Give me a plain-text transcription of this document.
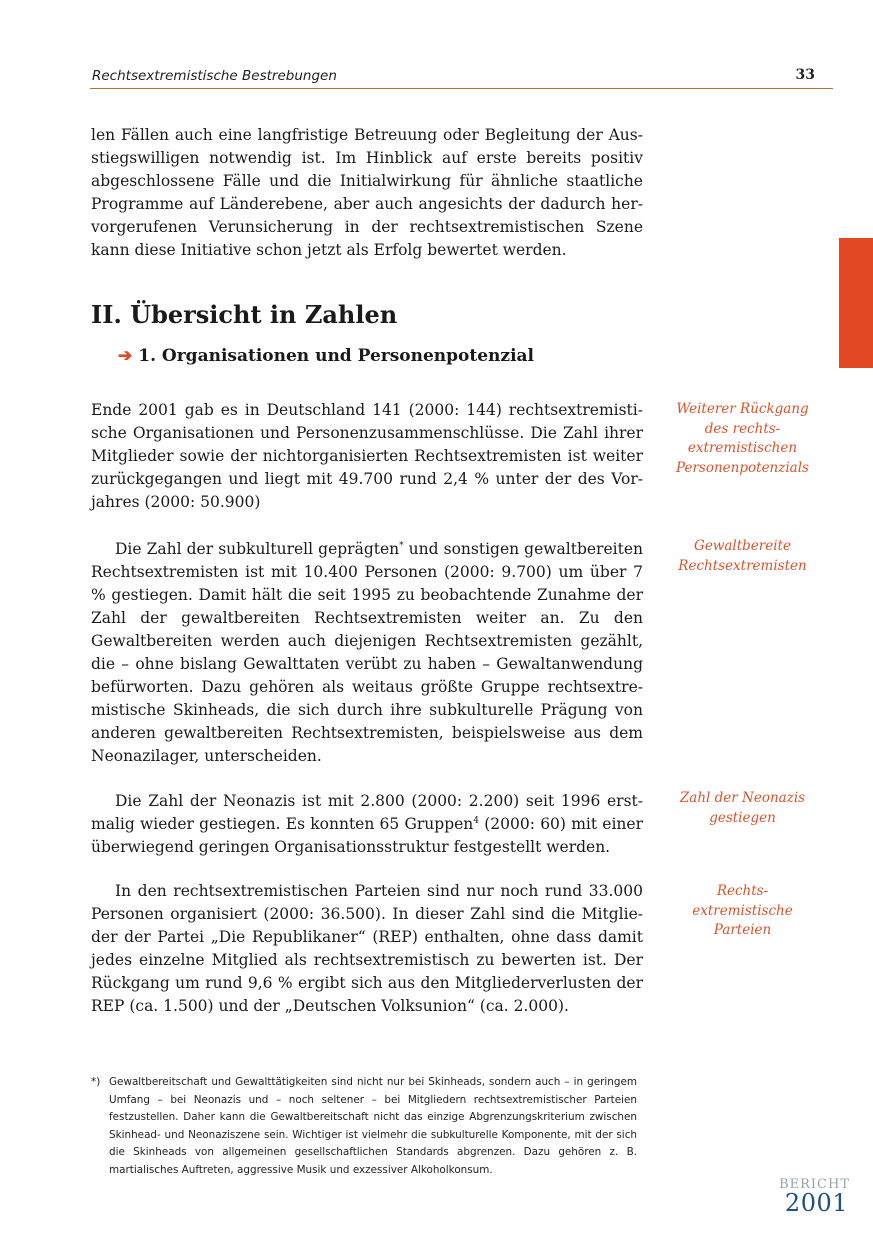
Rechtsextremistische Bestrebungen	33

len Fällen auch eine langfristige Betreuung oder Begleitung der Ausstiegswilligen notwendig ist. Im Hinblick auf erste bereits positiv abgeschlossene Fälle und die Initialwirkung für ähnliche staatliche Programme auf Länderebene, aber auch angesichts der dadurch hervorgerufenen Verunsicherung in der rechtsextremistischen Szene kann diese Initiative schon jetzt als Erfolg bewertet werden.

II. Übersicht in Zahlen
➔ 1. Organisationen und Personenpotenzial

Ende 2001 gab es in Deutschland 141 (2000: 144) rechtsextremistische Organisationen und Personenzusammenschlüsse. Die Zahl ihrer Mitglieder sowie der nichtorganisierten Rechtsextremisten ist weiter zurückgegangen und liegt mit 49.700 rund 2,4 % unter der des Vorjahres (2000: 50.900)

Die Zahl der subkulturell geprägten* und sonstigen gewaltbereiten Rechtsextremisten ist mit 10.400 Personen (2000: 9.700) um über 7 % gestiegen. Damit hält die seit 1995 zu beobachtende Zunahme der Zahl der gewaltbereiten Rechtsextremisten weiter an. Zu den Gewaltbereiten werden auch diejenigen Rechtsextremisten gezählt, die – ohne bislang Gewalttaten verübt zu haben – Gewaltanwendung befürworten. Dazu gehören als weitaus größte Gruppe rechtsextremistische Skinheads, die sich durch ihre subkulturelle Prägung von anderen gewaltbereiten Rechtsextremisten, beispielsweise aus dem Neonazilager, unterscheiden.

Die Zahl der Neonazis ist mit 2.800 (2000: 2.200) seit 1996 erstmalig wieder gestiegen. Es konnten 65 Gruppen$^4$ (2000: 60) mit einer überwiegend geringen Organisationsstruktur festgestellt werden.

In den rechtsextremistischen Parteien sind nur noch rund 33.000 Personen organisiert (2000: 36.500). In dieser Zahl sind die Mitglieder der Partei „Die Republikaner“ (REP) enthalten, ohne dass damit jedes einzelne Mitglied als rechtsextremistisch zu bewerten ist. Der Rückgang um rund 9,6 % ergibt sich aus den Mitgliederverlusten der REP (ca. 1.500) und der „Deutschen Volksunion“ (ca. 2.000).

Weiterer Rückgang des rechtsextremistischen Personenpotenzials
Gewaltbereite Rechtsextremisten
Zahl der Neonazis gestiegen
Rechtsextremistische Parteien
*) Gewaltbereitschaft und Gewalttätigkeiten sind nicht nur bei Skinheads, sondern auch – in geringem Umfang – bei Neonazis und – noch seltener – bei Mitgliedern rechtsextremistischer Parteien festzustellen. Daher kann die Gewaltbereitschaft nicht das einzige Abgrenzungskriterium zwischen Skinhead- und Neonaziszene sein. Wichtiger ist vielmehr die subkulturelle Komponente, mit der sich die Skinheads von allgemeinen gesellschaftlichen Standards abgrenzen. Dazu gehören z. B. martialisches Auftreten, aggressive Musik und exzessiver Alkoholkonsum.
BERICHT
2001
